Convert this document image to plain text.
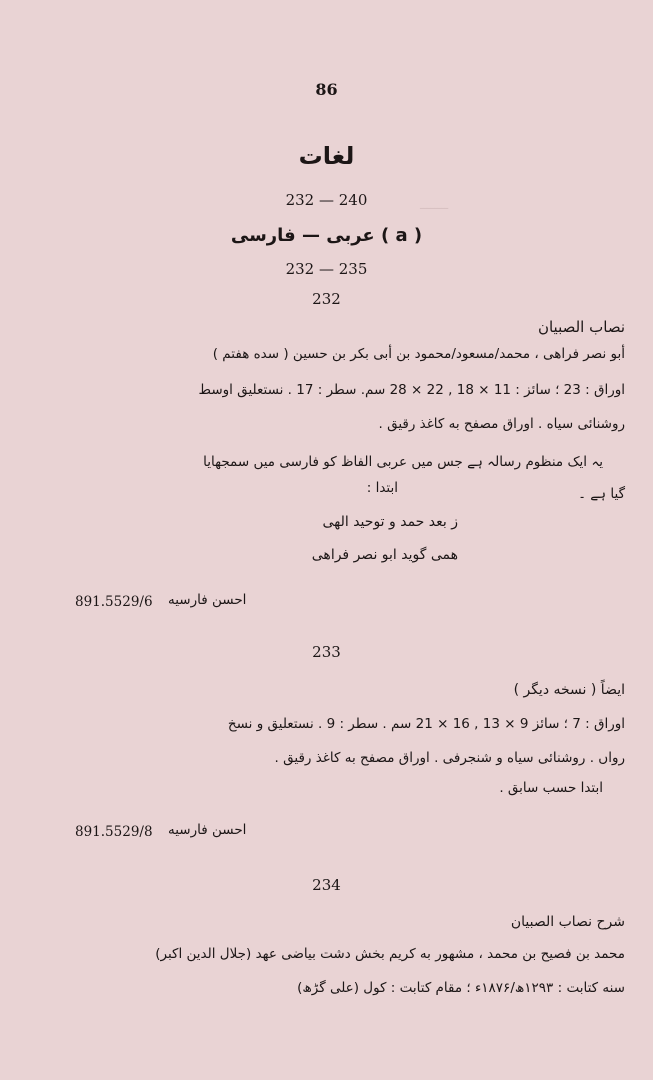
ــــــــ
86
لغات
240 — 232
( a ) عربی — فارسی
235 — 232
232
نصاب الصبیان
أبو نصر فراهی ، محمد/مسعود/محمود بن أبی بکر بن حسین ( سده هفتم )
اوراق : 23 ؛ سائز : 11 × 18 , 22 × 28 سم. سطر : 17 . نستعلیق اوسط
روشنائی سیاه . اوراق مصفح به کاغذ رقیق .
یہ ایک منظوم رسالہ ہے جس میں عربی الفاظ کو فارسی میں سمجھایا
گیا ہے ۔
ابتدا :
ز بعد حمد و توحید الهی
همی گوید ابو نصر فراهی
احسن فارسیه
891.5529/6
233
ایضاً ( نسخه دیگر )
اوراق : 7 ؛ سائز 9 × 13 , 16 × 21 سم . سطر : 9 . نستعلیق و نسخ
رواں . روشنائی سیاه و شنجرفی . اوراق مصفح به کاغذ رقیق .
ابتدا حسب سابق .
احسن فارسیه
891.5529/8
234
شرح نصاب الصبیان
محمد بن فصیح بن محمد ، مشهور به کریم بخش دشت بیاضی عهد (جلال الدین اکبر)
سنه کتابت : ۱۲۹۳ھ/۱۸۷۶ء ؛ مقام کتابت : کول (علی گڑھ)
